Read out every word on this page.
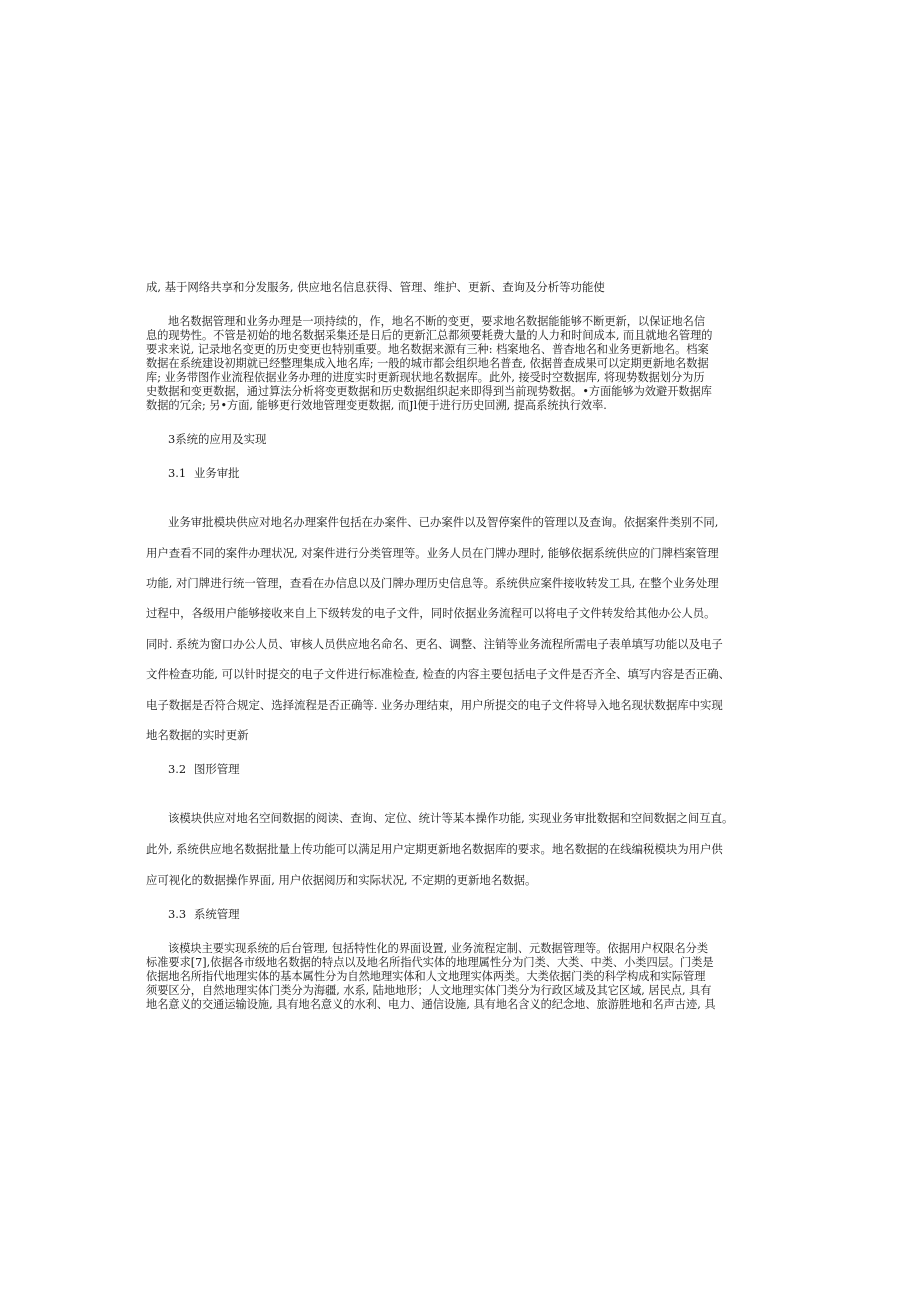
成, 基于网络共享和分发服务, 供应地名信息获得、管理、维护、更新、查询及分析等功能使
地名数据管理和业务办理是一项持续的，作，地名不断的变更，要求地名数据能能够不断更新，以保证地名信
息的现势性。不管是初始的地名数据采集还是日后的更新汇总都须要耗费大量的人力和时间成本, 而且就地名管理的
要求来说, 记录地名变更的历史变更也特别重要。地名数据来源有三种: 档案地名、普杳地名和业务更新地名。档案
数据在系统建设初期就已经整理集成入地名库; 一般的城市都会组织地名普查, 依据普查成果可以定期更新地名数据
库; 业务带图作业流程依据业务办理的进度实时更新现状地名数据库。此外, 接受时空数据库, 将现势数据划分为历
史数据和变更数据，通过算法分析将变更数据和历史数据组织起来即得到当前现势数据。•方面能够为效避开数据库
数据的冗余; 另•方面, 能够更行效地管理变更数据, 而Jl便于进行历史回溯, 提高系统执行效率.
3系统的应用及实现
3.1 业务审批
业务审批模块供应对地名办理案件包括在办案件、已办案件以及智停案件的管理以及查询。依据案件类别不同,
用户查看不同的案件办理状况, 对案件进行分类管理等。业务人员在门牌办理时, 能够依据系统供应的门牌档案管理
功能, 对门牌进行统一管理，查看在办信息以及门牌办理历史信息等。系统供应案件接收转发工具, 在整个业务处理
过程中，各级用户能够接收来自上下级转发的电子文件，同时依据业务流程可以将电子文件转发给其他办公人员。
同时. 系统为窗口办公人员、审核人员供应地名命名、更名、调整、注销等业务流程所需电子表单填写功能以及电子
文件检查功能, 可以针时提交的电子文件进行标准检查, 检查的内容主要包括电子文件是否齐全、填写内容是否正确、
电子数据是否符合规定、选择流程是否正确等. 业务办理结束，用户所提交的电子文件将导入地名现状数据库中实现
地名数据的实时更新
3.2 图形管理
该模块供应对地名空间数据的阅读、查询、定位、统计等某本操作功能, 实现业务审批数据和空间数据之间互直。
此外, 系统供应地名数据批量上传功能可以满足用户定期更新地名数据库的要求。地名数据的在线编税模块为用户供
应可视化的数据操作界面, 用户依据阅历和实际状况, 不定期的更新地名数据。
3.3 系统管理
该模块主要实现系统的后台管理, 包括特性化的界面设置, 业务流程定制、元数据管理等。依据用户权限名分类
标准要求[7],依据各市级地名数据的特点以及地名所指代实体的地理属性分为门类、大类、中类、小类四层。门类是
依据地名所指代地理实体的基本属性分为自然地理实体和人文地理实体两类。大类依据门类的科学构成和实际管理
须要区分，自然地理实体门类分为海疆, 水系, 陆地地形；人文地理实体门类分为行政区域及其它区域, 居民点, 具有
地名意义的交通运输设施, 具有地名意义的水利、电力、通信设施, 具有地名含义的纪念地、旅游胜地和名声古迹, 具
